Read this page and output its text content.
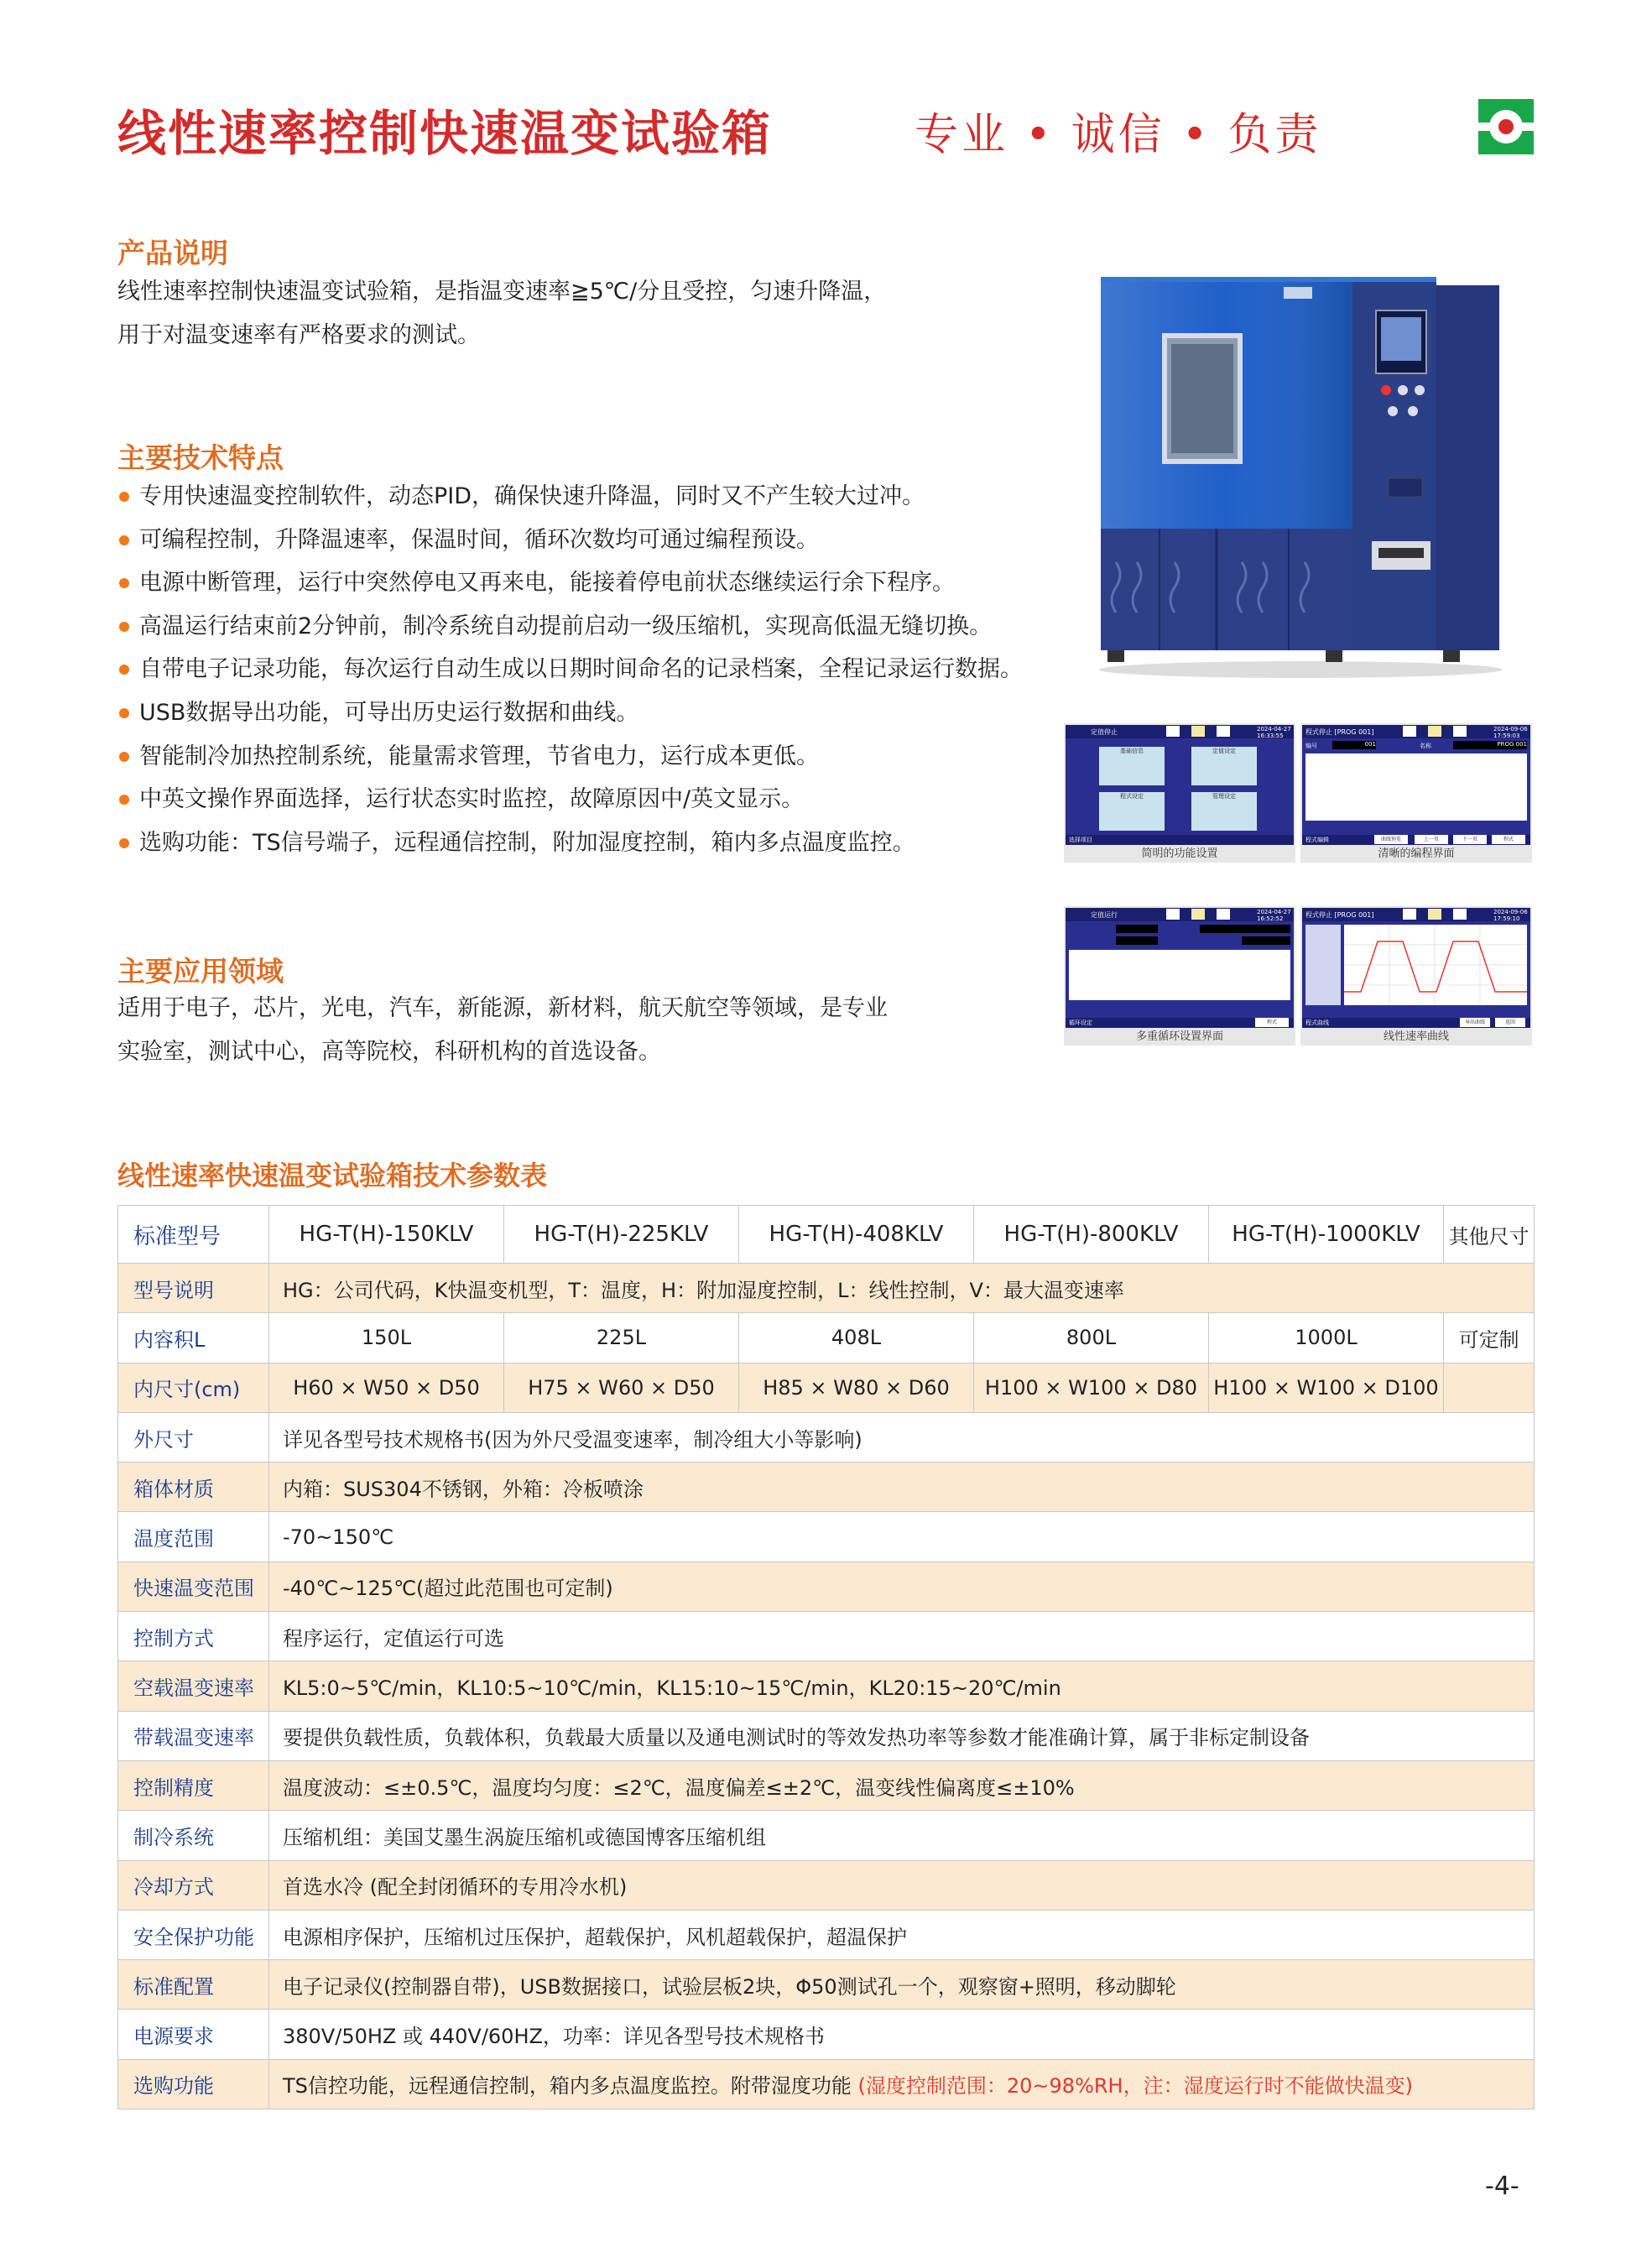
线性速率控制快速温变试验箱	专业 • 诚信 • 负责
产品说明
线性速率控制快速温变试验箱，是指温变速率≧5℃/分且受控，匀速升降温，
用于对温变速率有严格要求的测试。
主要技术特点
专用快速温变控制软件，动态PID，确保快速升降温，同时又不产生较大过冲。
可编程控制，升降温速率，保温时间，循环次数均可通过编程预设。
电源中断管理，运行中突然停电又再来电，能接着停电前状态继续运行余下程序。
高温运行结束前2分钟前，制冷系统自动提前启动一级压缩机，实现高低温无缝切换。
自带电子记录功能，每次运行自动生成以日期时间命名的记录档案，全程记录运行数据。
USB数据导出功能，可导出历史运行数据和曲线。
智能制冷加热控制系统，能量需求管理，节省电力，运行成本更低。
中英文操作界面选择，运行状态实时监控，故障原因中/英文显示。
选购功能：TS信号端子，远程通信控制，附加湿度控制，箱内多点温度监控。
主要应用领域
适用于电子，芯片，光电，汽车，新能源，新材料，航天航空等领域，是专业
实验室，测试中心，高等院校，科研机构的首选设备。
定值停止	2024-04-27
16:33:55
基础信息	定值设定
程式设定	管理设定
选择项目
简明的功能设置
程式停止 [PROG 001]	2024-09-06
17:59:03
编号	001	名称	PROG 001
程式编辑	曲线预览	上一页	下一页	程式
清晰的编程界面
定值运行	2024-04-27
16:52:52
循环设定	程式
多重循环设置界面
程式停止 [PROG 001]	2024-09-06
17:59:10
程式曲线	导出曲线	返回
线性速率曲线
线性速率快速温变试验箱技术参数表
标准型号	HG-T(H)-150KLV	HG-T(H)-225KLV	HG-T(H)-408KLV	HG-T(H)-800KLV	HG-T(H)-1000KLV	其他尺寸
型号说明	HG：公司代码，K快温变机型，T：温度，H：附加湿度控制，L：线性控制，V：最大温变速率					
内容积L	150L	225L	408L	800L	1000L	可定制
内尺寸(cm)	H60 × W50 × D50	H75 × W60 × D50	H85 × W80 × D60	H100 × W100 × D80	H100 × W100 × D100	
外尺寸	详见各型号技术规格书(因为外尺受温变速率，制冷组大小等影响)					
箱体材质	内箱：SUS304不锈钢，外箱：冷板喷涂					
温度范围	-70~150℃					
快速温变范围	-40℃~125℃(超过此范围也可定制)					
控制方式	程序运行，定值运行可选					
空载温变速率	KL5:0~5℃/min，KL10:5~10℃/min，KL15:10~15℃/min，KL20:15~20℃/min					
带载温变速率	要提供负载性质，负载体积，负载最大质量以及通电测试时的等效发热功率等参数才能准确计算，属于非标定制设备					
控制精度	温度波动：≤±0.5℃，温度均匀度：≤2℃，温度偏差≤±2℃，温变线性偏离度≤±10%					
制冷系统	压缩机组：美国艾墨生涡旋压缩机或德国博客压缩机组					
冷却方式	首选水冷 (配全封闭循环的专用冷水机)					
安全保护功能	电源相序保护，压缩机过压保护，超载保护，风机超载保护，超温保护					
标准配置	电子记录仪(控制器自带)，USB数据接口，试验层板2块，Φ50测试孔一个，观察窗+照明，移动脚轮					
电源要求	380V/50HZ 或 440V/60HZ，功率：详见各型号技术规格书					
选购功能	TS信控功能，远程通信控制，箱内多点温度监控。附带湿度功能 (湿度控制范围：20~98%RH，注：湿度运行时不能做快温变)					
-4-
